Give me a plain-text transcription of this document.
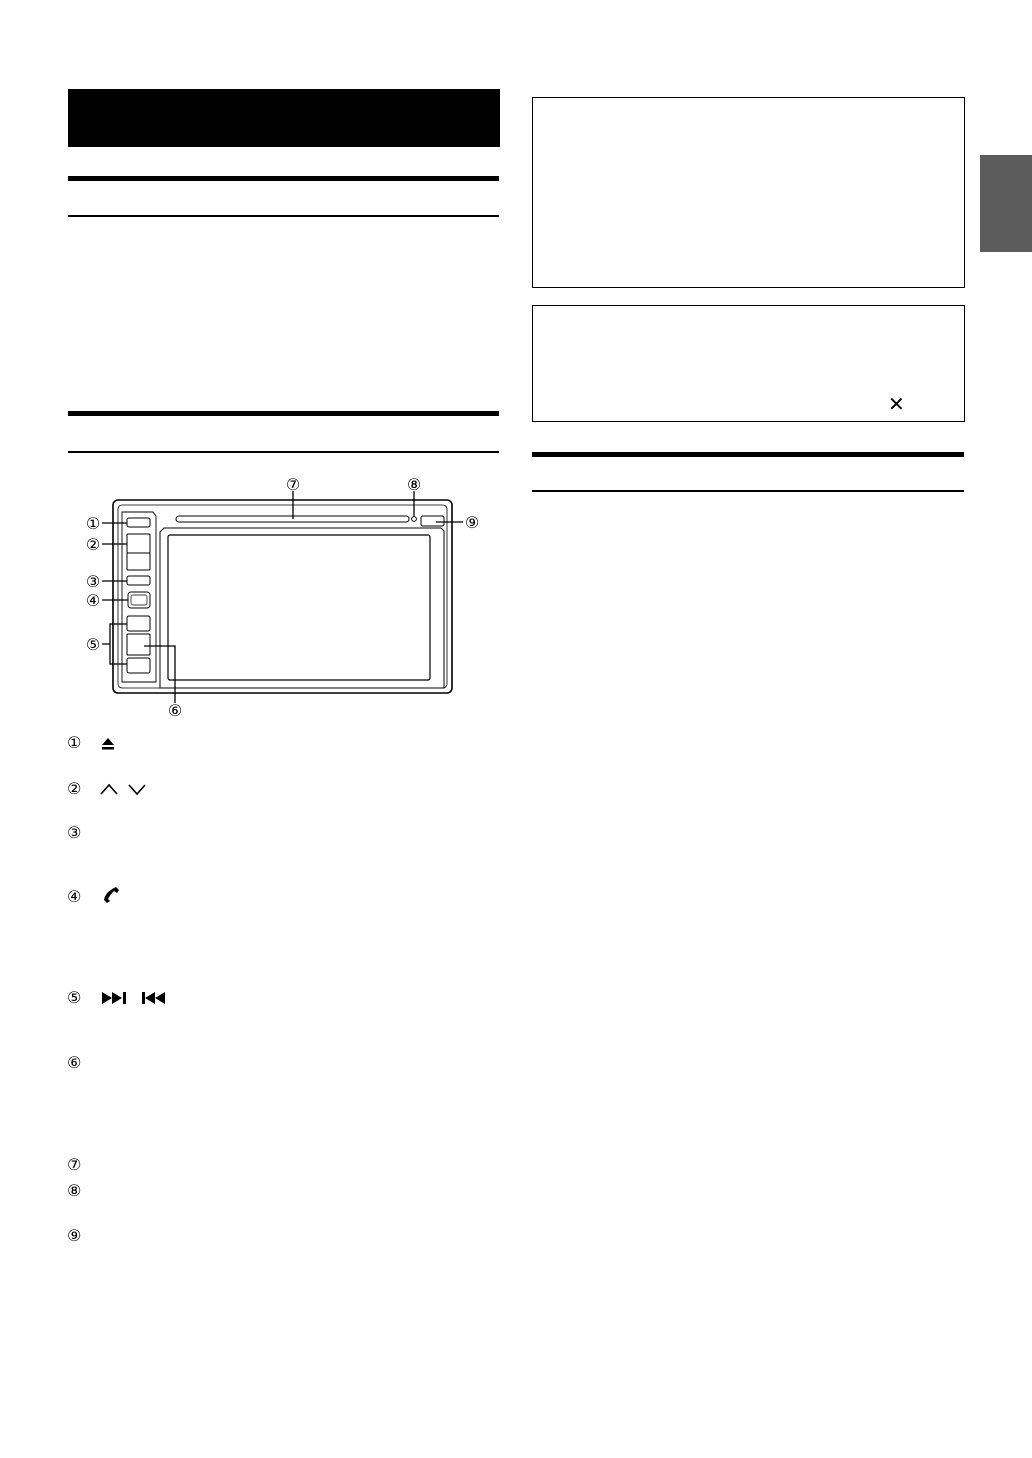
①
②
③
④
⑤
⑥
⑦	⑧
⑨
①
②
③
④
⑤
⑥
⑦
⑧
⑨
✕
